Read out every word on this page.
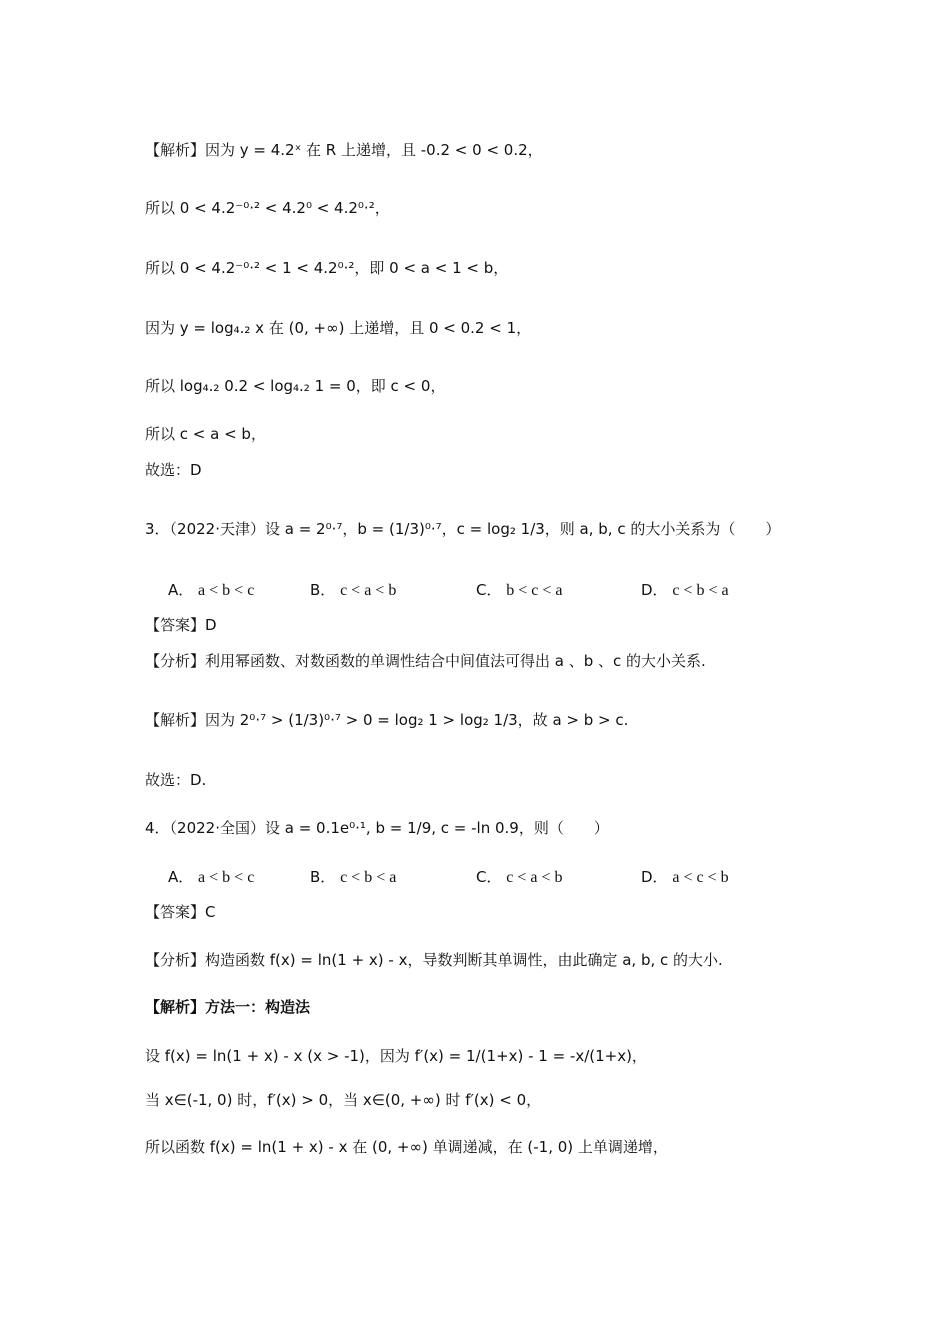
【解析】因为 y = 4.2ˣ 在 R 上递增，且 -0.2 < 0 < 0.2，
所以 0 < 4.2⁻⁰·² < 4.2⁰ < 4.2⁰·²，
所以 0 < 4.2⁻⁰·² < 1 < 4.2⁰·²，即 0 < a < 1 < b，
因为 y = log₄.₂ x 在 (0, +∞) 上递增，且 0 < 0.2 < 1，
所以 log₄.₂ 0.2 < log₄.₂ 1 = 0，即 c < 0，
所以 c < a < b，
故选：D
3．（2022·天津）设 a = 2⁰·⁷，b = (1/3)⁰·⁷，c = log₂ 1/3，则 a, b, c 的大小关系为（　　）
A． a < b < c	B． c < a < b	C． b < c < a	D． c < b < a
【答案】D
【分析】利用幂函数、对数函数的单调性结合中间值法可得出 a 、b 、c 的大小关系.
【解析】因为 2⁰·⁷ > (1/3)⁰·⁷ > 0 = log₂ 1 > log₂ 1/3，故 a > b > c.
故选：D.
4．（2022·全国）设 a = 0.1e⁰·¹, b = 1/9, c = -ln 0.9，则（　　）
A． a < b < c	B． c < b < a	C． c < a < b	D． a < c < b
【答案】C
【分析】构造函数 f(x) = ln(1 + x) - x，导数判断其单调性，由此确定 a, b, c 的大小.
【解析】方法一：构造法
设 f(x) = ln(1 + x) - x (x > -1)，因为 f′(x) = 1/(1+x) - 1 = -x/(1+x)，
当 x∈(-1, 0) 时，f′(x) > 0，当 x∈(0, +∞) 时 f′(x) < 0，
所以函数 f(x) = ln(1 + x) - x 在 (0, +∞) 单调递减，在 (-1, 0) 上单调递增，
